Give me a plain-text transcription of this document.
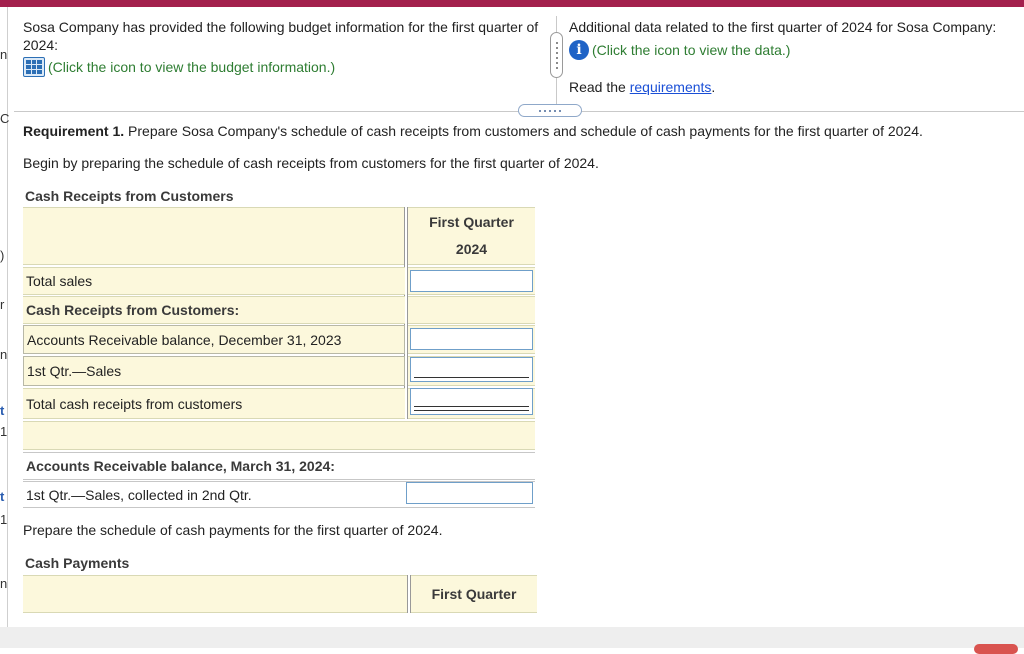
n
C
)
r
n
t
1
t
1
n
Sosa Company has provided the following budget information for the first quarter of 2024:
(Click the icon to view the budget information.)
Additional data related to the first quarter of 2024 for Sosa Company:
i (Click the icon to view the data.)
Read the requirements.
Requirement 1. Prepare Sosa Company's schedule of cash receipts from customers and schedule of cash payments for the first quarter of 2024.
Begin by preparing the schedule of cash receipts from customers for the first quarter of 2024.
Cash Receipts from Customers
First Quarter
2024
Total sales
Cash Receipts from Customers:
Accounts Receivable balance, December 31, 2023
1st Qtr.—Sales
Total cash receipts from customers
Accounts Receivable balance, March 31, 2024:
1st Qtr.—Sales, collected in 2nd Qtr.
Prepare the schedule of cash payments for the first quarter of 2024.
Cash Payments
First Quarter
